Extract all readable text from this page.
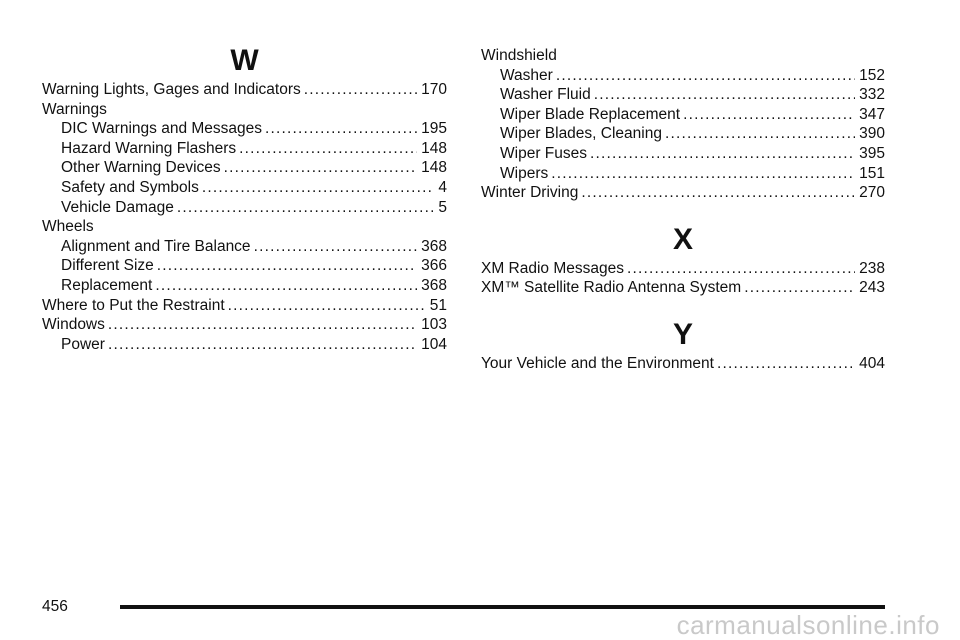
W
Warning Lights, Gages and Indicators .....	170
Warnings
DIC Warnings and Messages .....	195
Hazard Warning Flashers .....	148
Other Warning Devices .....	148
Safety and Symbols .....	4
Vehicle Damage .....	5
Wheels
Alignment and Tire Balance .....	368
Different Size .....	366
Replacement .....	368
Where to Put the Restraint .....	51
Windows .....	103
Power .....	104
Windshield
Washer .....	152
Washer Fluid .....	332
Wiper Blade Replacement .....	347
Wiper Blades, Cleaning .....	390
Wiper Fuses .....	395
Wipers .....	151
Winter Driving .....	270
X
XM Radio Messages .....	238
XM™ Satellite Radio Antenna System .....	243
Y
Your Vehicle and the Environment .....	404
456
carmanualsonline.info
